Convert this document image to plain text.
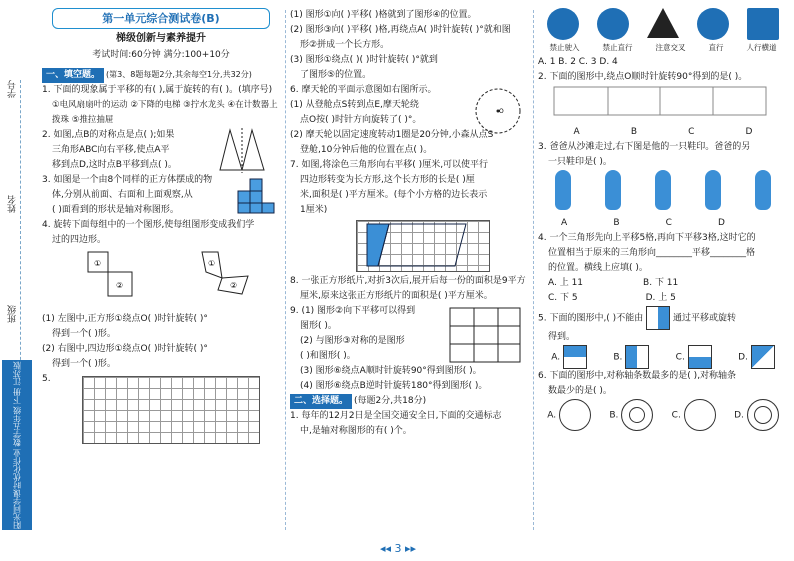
学号
姓名
班级
阳光同学课时优化作业 数学五年级 下册 江苏版
第一单元综合测试卷(B)
梯级创新与素养提升
考试时间:60分钟 满分:100+10分
一、填空题。 (第3、8题每题2分,其余每空1分,共32分)
1. 下面的现象属于平移的有( ),属于旋转的有( )。(填序号)
①电风扇扇叶的运动 ②下降的电梯 ③拧水龙头 ④在计数器上拨珠 ⑤推拉抽屉
2. 如图,点B的对称点是点( );如果
三角形ABC向右平移,使点A平
移到点D,这时点B平移到点( )。
3. 如图是一个由8个同样的正方体摆成的物
体,分别从前面、右面和上面观察,从
( )面看到的形状是轴对称图形。
4. 旋转下面每组中的一个图形,使每组图形变成我们学
过的四边形。
①
②
①
②
(1) 左图中,正方形①绕点O( )时针旋转( )°
得到一个( )形。
(2) 右图中,四边形①绕点O( )时针旋转( )°
得到一个( )形。
5.
(1) 图形①向( )平移( )格就到了图形④的位置。
(2) 图形③向( )平移( )格,再绕点A( )时针旋转( )°就和图
形②拼成一个长方形。
(3) 图形①绕点( )( )时针旋转( )°就到
了图形⑤的位置。
6. 摩天轮的平面示意图如右图所示。
(1) 从登舱点S转到点E,摩天轮绕
点O按( )时针方向旋转了( )°。
O
(2) 摩天轮以固定速度转动1圈是20分钟,小森从点S
登舱,10分钟后他的位置在点( )。
7. 如图,将涂色三角形向右平移( )厘米,可以使平行
四边形转变为长方形,这个长方形的长是( )厘
米,面积是( )平方厘米。(每个小方格的边长表示
1厘米)
8. 一张正方形纸片,对折3次后,展开后每一份的面积是9平方
厘米,原来这张正方形纸片的面积是( )平方厘米。
9. (1) 图形②向下平移可以得到
图形( )。
(2) 与图形③对称的是图形
( )和图形( )。
(3) 图形⑥绕点A顺时针旋转90°得到图形( )。
(4) 图形⑥绕点B逆时针旋转180°得到图形( )。
二、选择题。 (每题2分,共18分)
1. 每年的12月2日是全国交通安全日,下面的交通标志
中,是轴对称图形的有( )个。
禁止驶入	禁止直行	注意交叉	直行	人行横道
A. 1 B. 2 C. 3 D. 4
2. 下面的图形中,绕点O顺时针旋转90°得到的是( )。
A	B	C	D
3. 爸爸从沙滩走过,右下图是他的一只鞋印。爸爸的另
一只鞋印是( )。
A	B	C	D
4. 一个三角形先向上平移5格,再向下平移3格,这时它的
位置相当于原来的三角形向________平移________格
的位置。横线上应填( )。
A. 上 11	B. 下 11
C. 下 5	D. 上 5
5. 下面的图形中,( )不能由	通过平移或旋转
得到。
A.	B.	C.	D.
6. 下面的图形中,对称轴条数最多的是( ),对称轴条
数最少的是( )。
A.	B.	C.	D.
◂◂ 3 ▸▸
